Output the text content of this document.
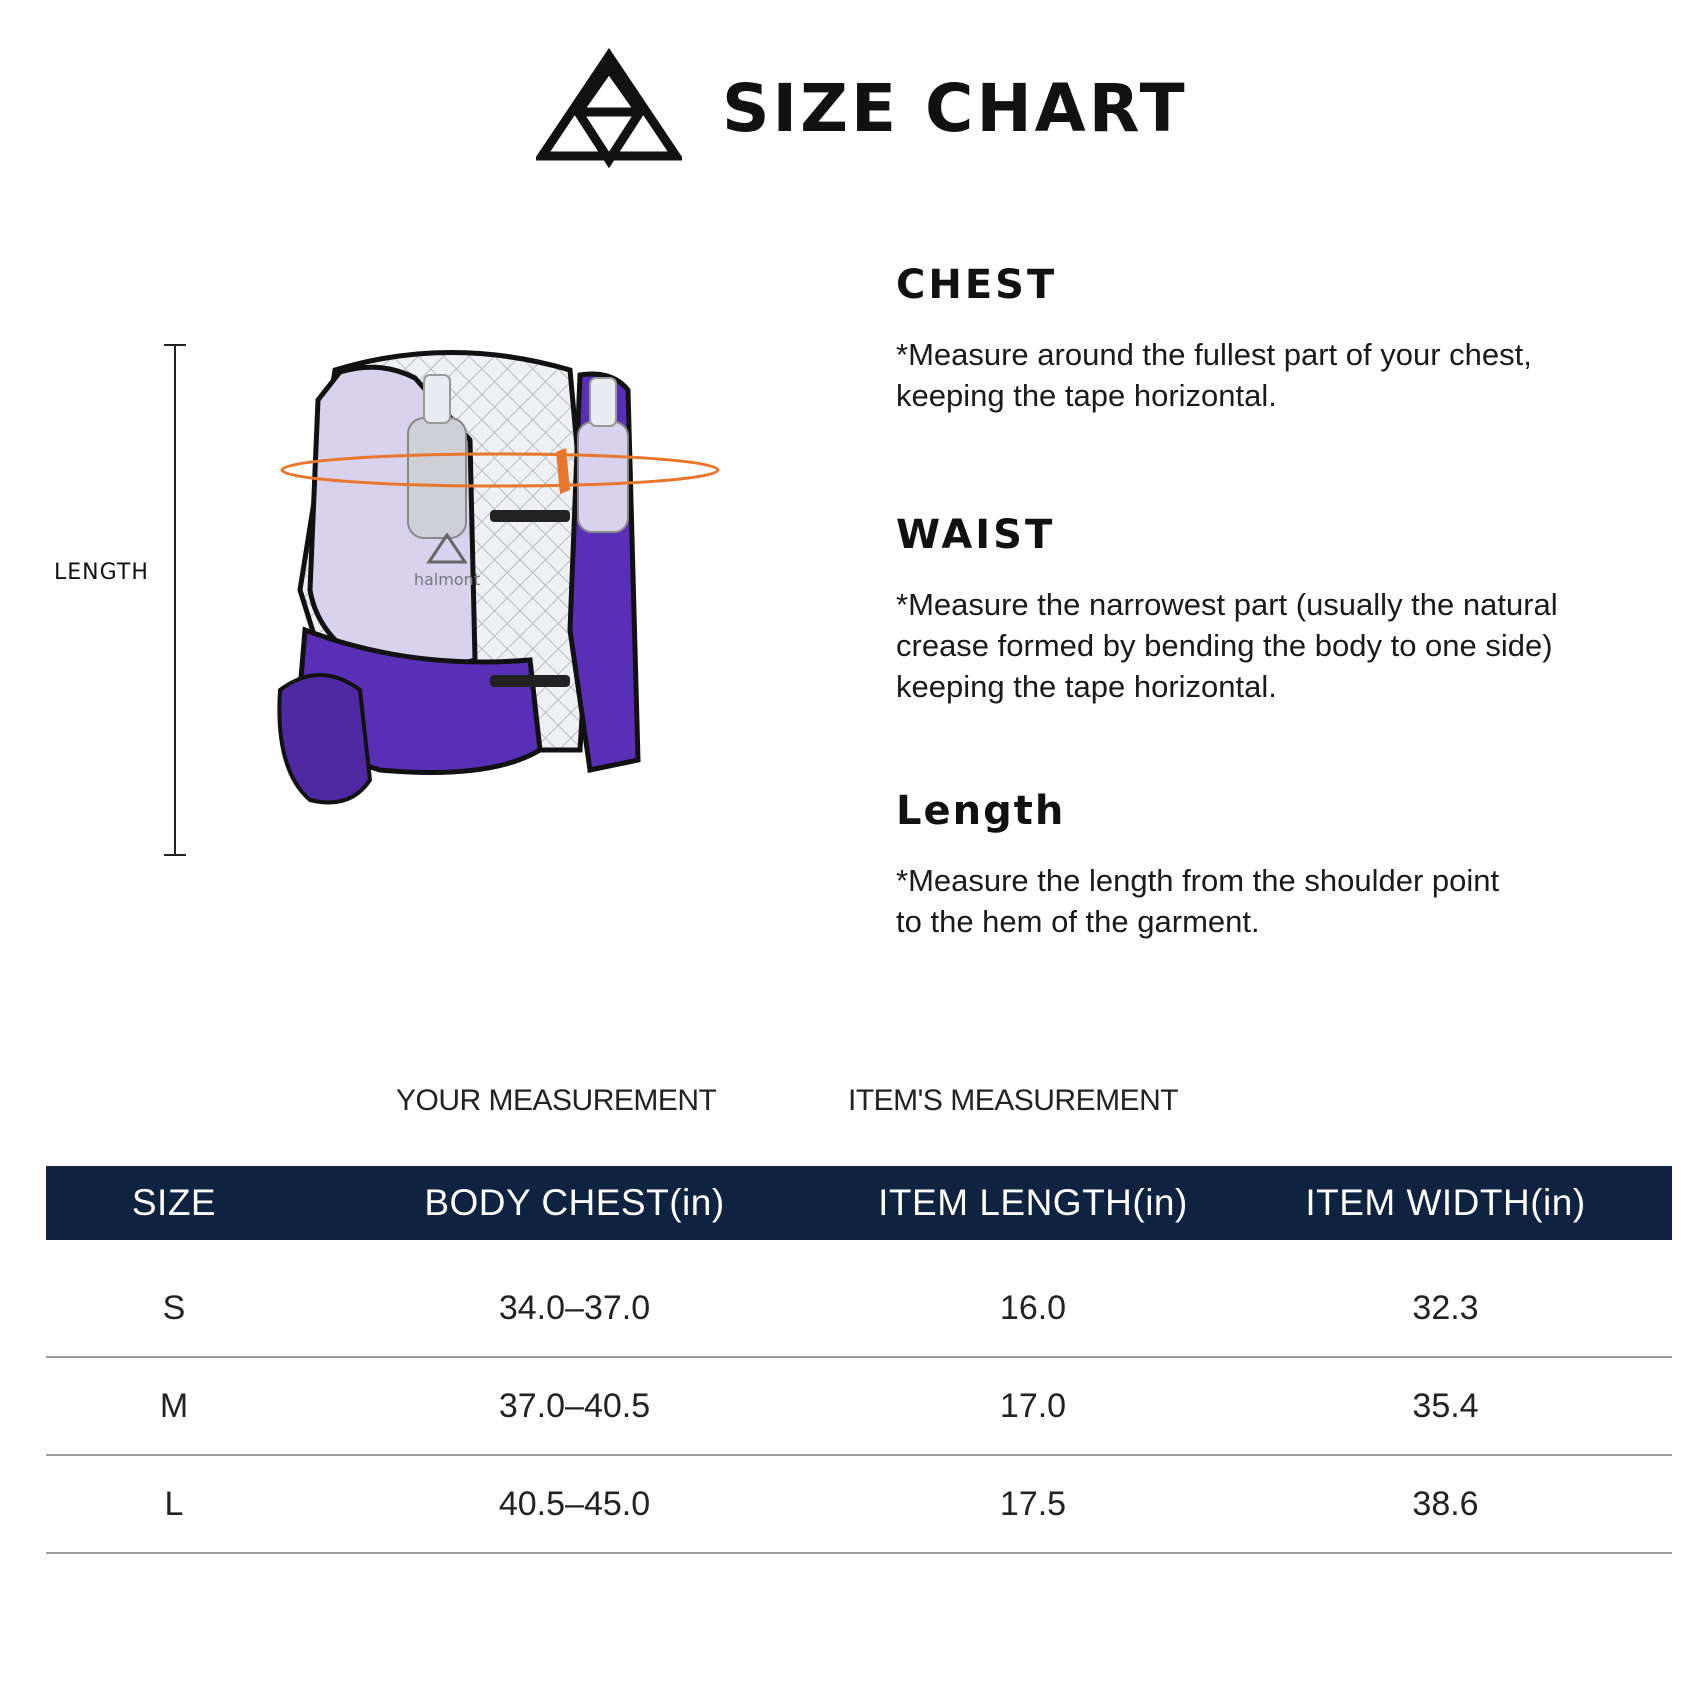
SIZE CHART
LENGTH	halmont
CHEST

*Measure around the fullest part of your chest,
keeping the tape horizontal.

WAIST

*Measure the narrowest part (usually the natural
crease formed by bending the body to one side)
keeping the tape horizontal.

Length

*Measure the length from the shoulder point
to the hem of the garment.

YOUR MEASUREMENT	ITEM'S MEASUREMENT
SIZE	BODY CHEST(in)	ITEM LENGTH(in)	ITEM WIDTH(in)
S	34.0–37.0	16.0	32.3
M	37.0–40.5	17.0	35.4
L	40.5–45.0	17.5	38.6
